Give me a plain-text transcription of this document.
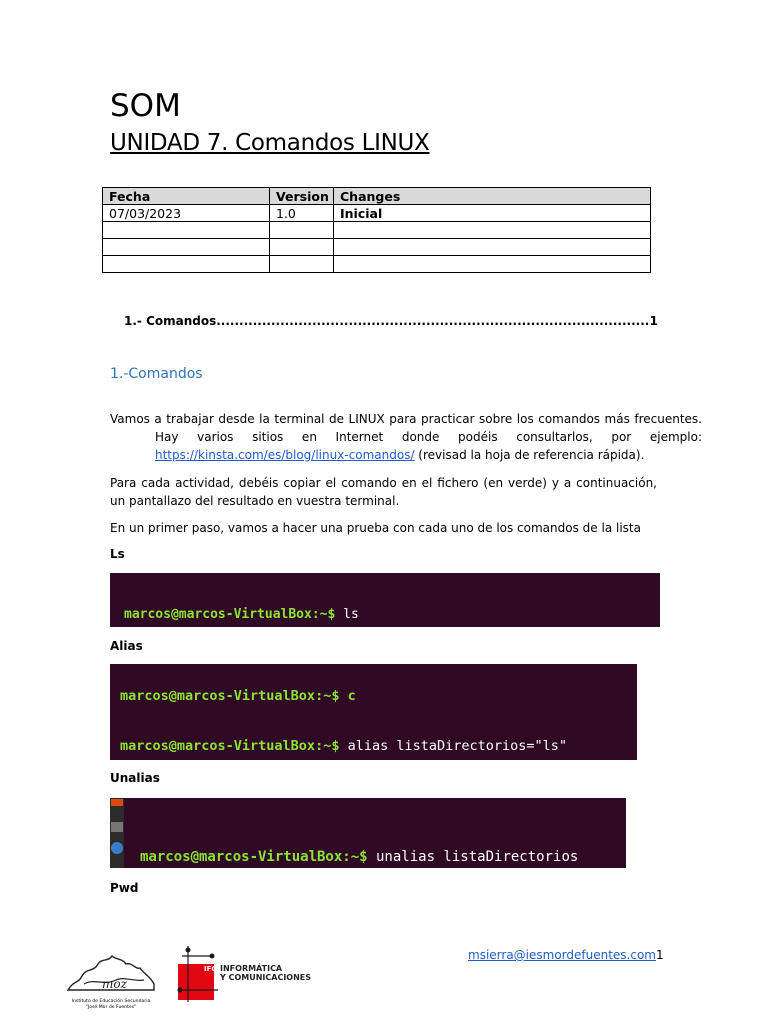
SOM
UNIDAD 7. Comandos LINUX
Fecha	Version	Changes
07/03/2023	1.0	Inicial

1.- Comandos .....	1
1.-Comandos
Vamos a trabajar desde la terminal de LINUX para practicar sobre los comandos más frecuentes. Hay varios sitios en Internet donde podéis consultarlos, por ejemplo: https://kinsta.com/es/blog/linux-comandos/ (revisad la hoja de referencia rápida).
Para cada actividad, debéis copiar el comando en el fichero (en verde) y a continuación, un pantallazo del resultado en vuestra terminal.
En un primer paso, vamos a hacer una prueba con cada uno de los comandos de la lista
Ls

marcos@marcos-VirtualBox:~$ ls

Alias

marcos@marcos-VirtualBox:~$ c

marcos@marcos-VirtualBox:~$ alias listaDirectorios="ls"

Unalias

marcos@marcos-VirtualBox:~$ unalias listaDirectorios

Pwd
moz
Instituto de Educación Secundaria
"José Mor de Fuentes"
IFC INFORMÁTICA
Y COMUNICACIONES
msierra@iesmordefuentes.com1
